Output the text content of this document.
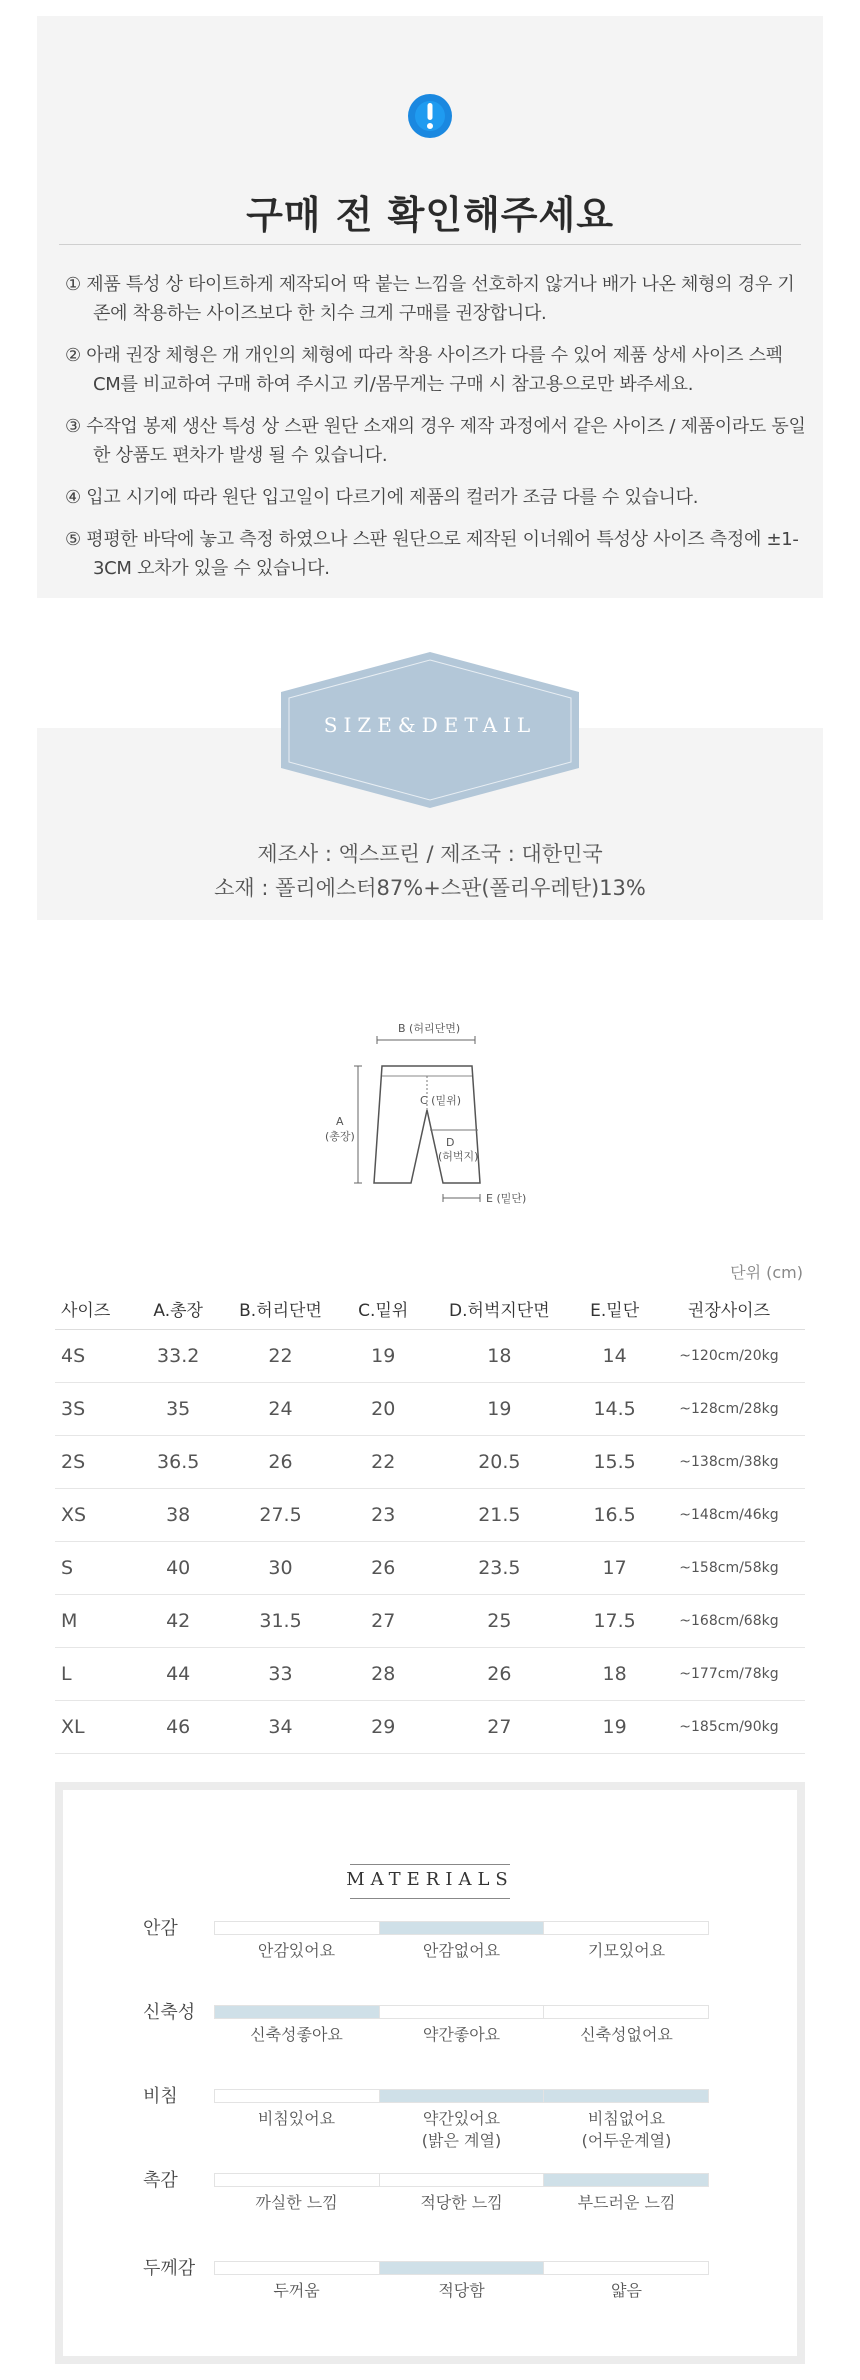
구매 전 확인해주세요
① 제품 특성 상 타이트하게 제작되어 딱 붙는 느낌을 선호하지 않거나 배가 나온 체형의 경우 기존에 착용하는 사이즈보다 한 치수 크게 구매를 권장합니다.
② 아래 권장 체형은 개 개인의 체형에 따라 착용 사이즈가 다를 수 있어 제품 상세 사이즈 스펙 CM를 비교하여 구매 하여 주시고 키/몸무게는 구매 시 참고용으로만 봐주세요.
③ 수작업 봉제 생산 특성 상 스판 원단 소재의 경우 제작 과정에서 같은 사이즈 / 제품이라도 동일한 상품도 편차가 발생 될 수 있습니다.
④ 입고 시기에 따라 원단 입고일이 다르기에 제품의 컬러가 조금 다를 수 있습니다.
⑤ 평평한 바닥에 놓고 측정 하였으나 스판 원단으로 제작된 이너웨어 특성상 사이즈 측정에 ±1-3CM 오차가 있을 수 있습니다.
SIZE&DETAIL
제조사 : 엑스프린 / 제조국 : 대한민국
소재 : 폴리에스터87%+스판(폴리우레탄)13%
B (허리단면)
A
(총장)
C (밑위)
D
(허벅지)
E (밑단)
단위 (cm)
사이즈	A.총장	B.허리단면	C.밑위	D.허벅지단면	E.밑단	권장사이즈
4S	33.2	22	19	18	14	~120cm/20kg
3S	35	24	20	19	14.5	~128cm/28kg
2S	36.5	26	22	20.5	15.5	~138cm/38kg
XS	38	27.5	23	21.5	16.5	~148cm/46kg
S	40	30	26	23.5	17	~158cm/58kg
M	42	31.5	27	25	17.5	~168cm/68kg
L	44	33	28	26	18	~177cm/78kg
XL	46	34	29	27	19	~185cm/90kg
MATERIALS
안감
안감있어요	안감없어요	기모있어요
신축성
신축성좋아요	약간좋아요	신축성없어요
비침
비침있어요	약간있어요
(밝은 계열)
비침없어요
(어두운계열)
촉감
까실한 느낌	적당한 느낌	부드러운 느낌
두께감
두꺼움	적당함	얇음
